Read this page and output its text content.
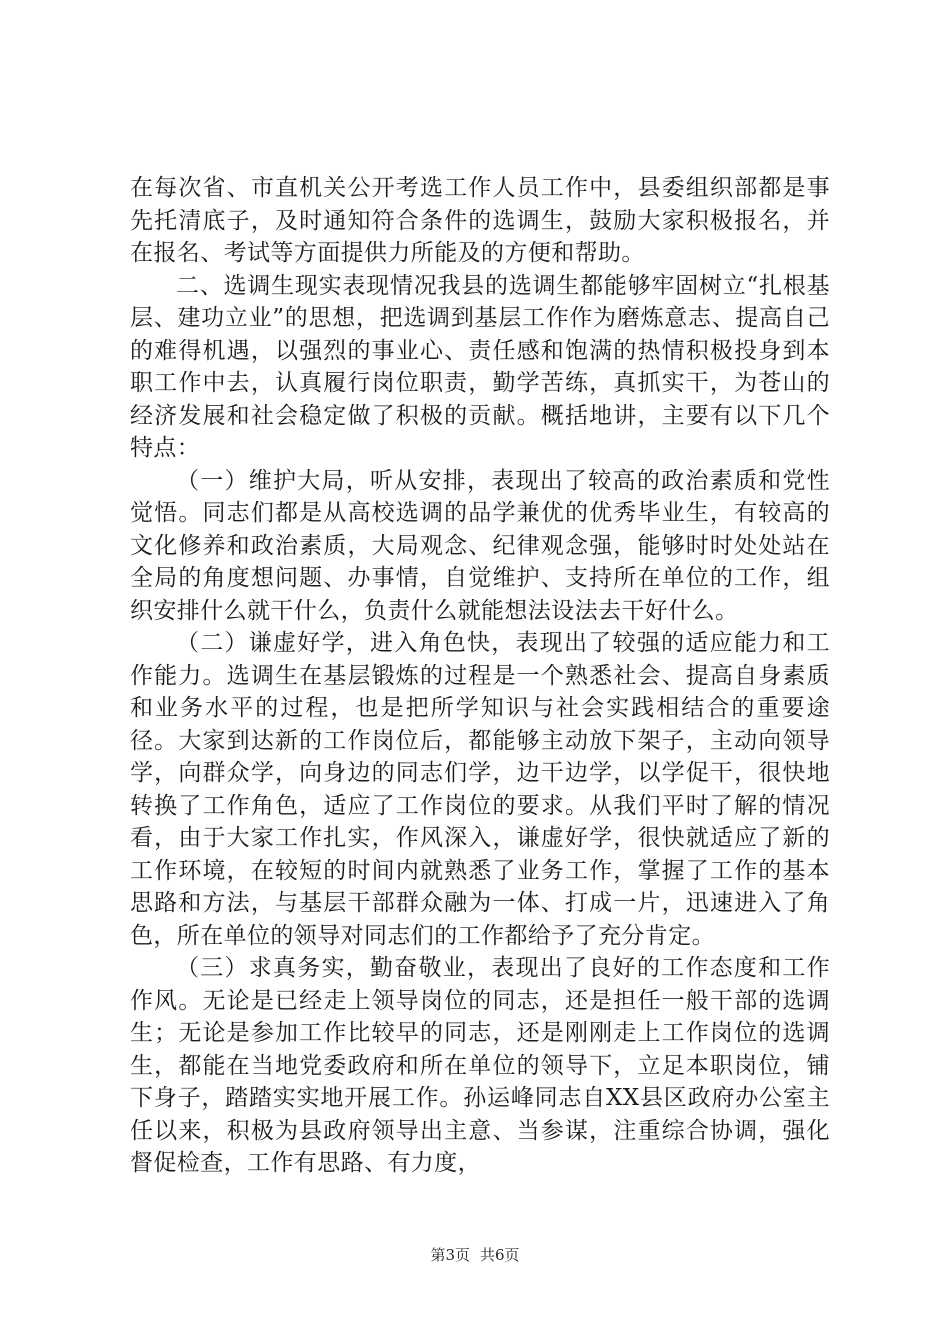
在每次省、市直机关公开考选工作人员工作中，县委组织部都是事先托清底子，及时通知符合条件的选调生，鼓励大家积极报名，并在报名、考试等方面提供力所能及的方便和帮助。

二、选调生现实表现情况我县的选调生都能够牢固树立“扎根基层、建功立业”的思想，把选调到基层工作作为磨炼意志、提高自己的难得机遇，以强烈的事业心、责任感和饱满的热情积极投身到本职工作中去，认真履行岗位职责，勤学苦练，真抓实干，为苍山的经济发展和社会稳定做了积极的贡献。概括地讲，主要有以下几个特点：

（一）维护大局，听从安排，表现出了较高的政治素质和党性觉悟。同志们都是从高校选调的品学兼优的优秀毕业生，有较高的文化修养和政治素质，大局观念、纪律观念强，能够时时处处站在全局的角度想问题、办事情，自觉维护、支持所在单位的工作，组织安排什么就干什么，负责什么就能想法设法去干好什么。

（二）谦虚好学，进入角色快，表现出了较强的适应能力和工作能力。选调生在基层锻炼的过程是一个熟悉社会、提高自身素质和业务水平的过程，也是把所学知识与社会实践相结合的重要途径。大家到达新的工作岗位后，都能够主动放下架子，主动向领导学，向群众学，向身边的同志们学，边干边学，以学促干，很快地转换了工作角色，适应了工作岗位的要求。从我们平时了解的情况看，由于大家工作扎实，作风深入，谦虚好学，很快就适应了新的工作环境，在较短的时间内就熟悉了业务工作，掌握了工作的基本思路和方法，与基层干部群众融为一体、打成一片，迅速进入了角色，所在单位的领导对同志们的工作都给予了充分肯定。

（三）求真务实，勤奋敬业，表现出了良好的工作态度和工作作风。无论是已经走上领导岗位的同志，还是担任一般干部的选调生；无论是参加工作比较早的同志，还是刚刚走上工作岗位的选调生，都能在当地党委政府和所在单位的领导下，立足本职岗位，铺下身子，踏踏实实地开展工作。孙运峰同志自XX县区政府办公室主任以来，积极为县政府领导出主意、当参谋，注重综合协调，强化督促检查，工作有思路、有力度，

第3页 共6页
